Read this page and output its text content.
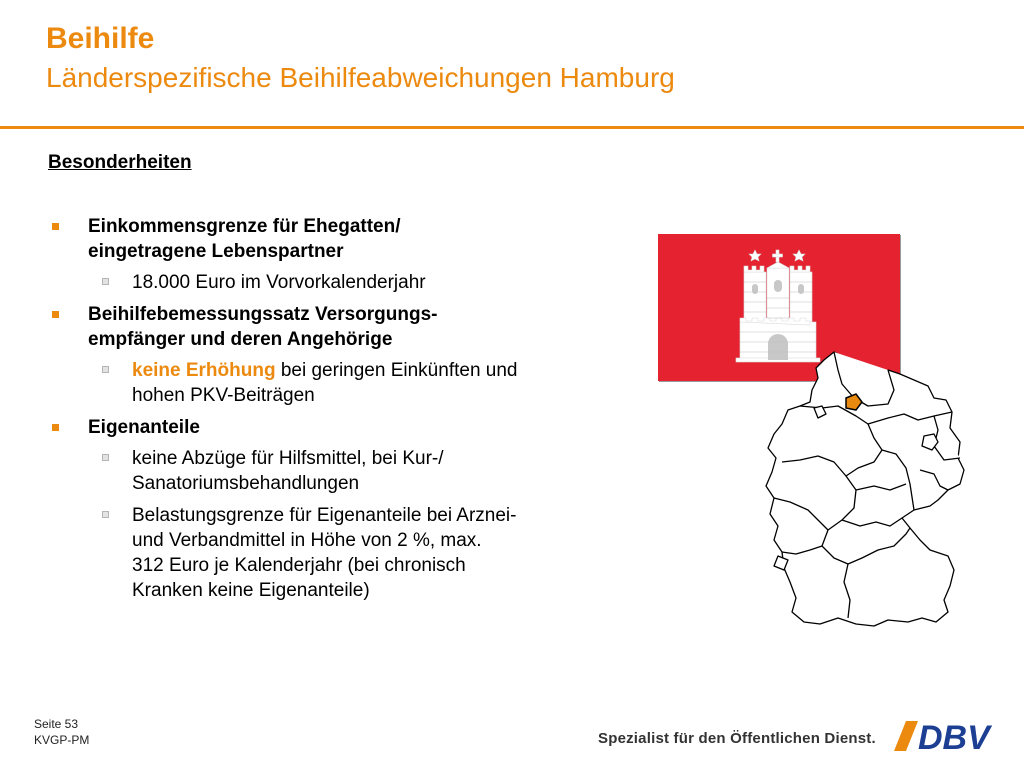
Beihilfe
Länderspezifische Beihilfeabweichungen Hamburg
Besonderheiten
Einkommensgrenze für Ehegatten/
eingetragene Lebenspartner
18.000 Euro im Vorvorkalenderjahr
Beihilfebemessungssatz Versorgungs-
empfänger und deren Angehörige
keine Erhöhung bei geringen Einkünften und
hohen PKV-Beiträgen
Eigenanteile
keine Abzüge für Hilfsmittel, bei Kur-/
Sanatoriumsbehandlungen
Belastungsgrenze für Eigenanteile bei Arznei-
und Verbandmittel in Höhe von 2 %, max.
312 Euro je Kalenderjahr (bei chronisch
Kranken keine Eigenanteile)
Seite 53
KVGP-PM	Spezialist für den Öffentlichen Dienst. DBV
